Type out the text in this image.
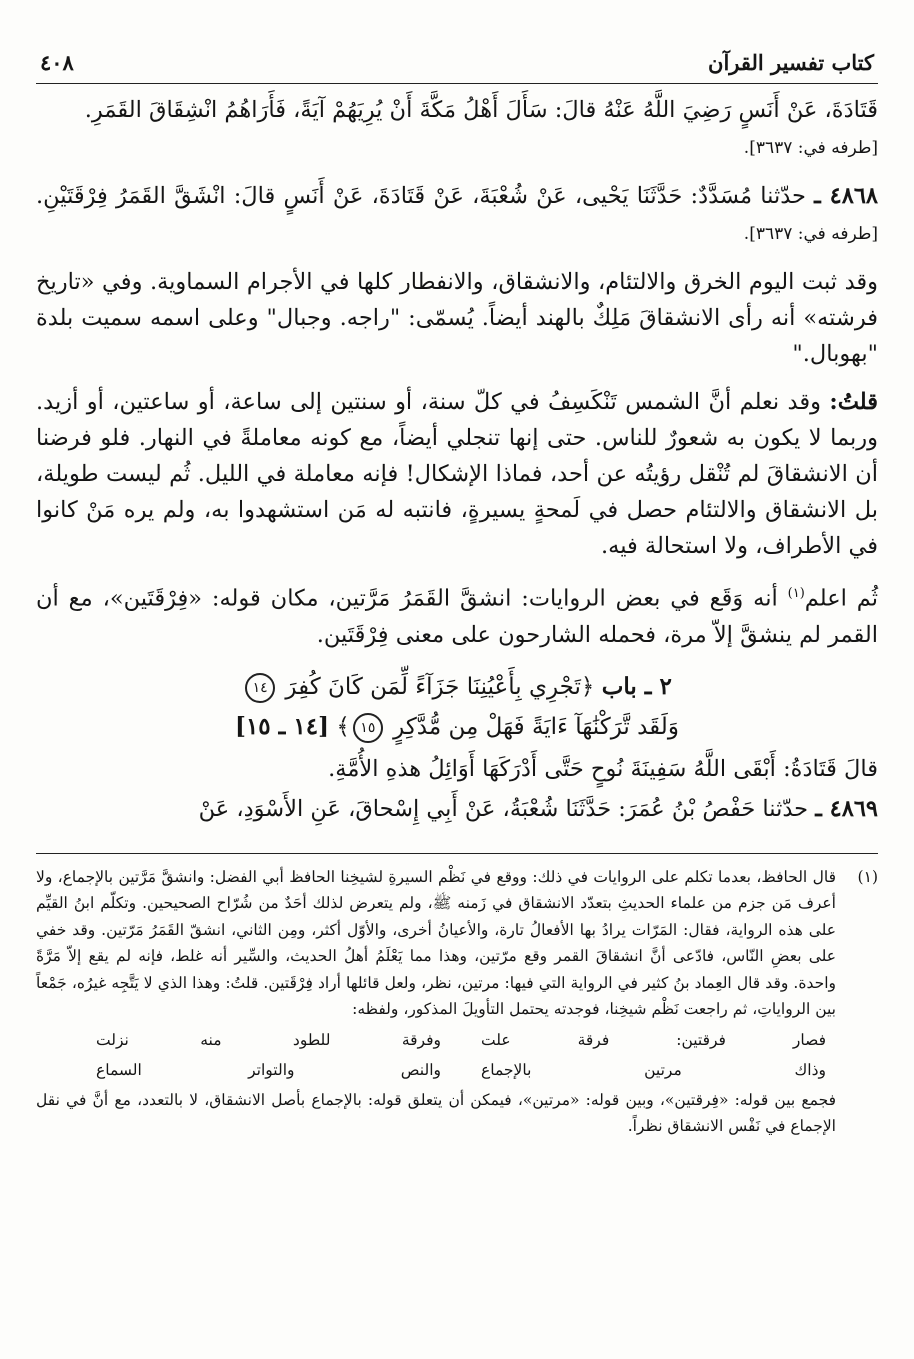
كتاب تفسير القرآن
٤٠٨

قَتَادَةَ، عَنْ أَنَسٍ رَضِيَ اللَّهُ عَنْهُ قالَ: سَأَلَ أَهْلُ مَكَّةَ أَنْ يُرِيَهُمْ آيَةً، فَأَرَاهُمُ انْشِقَاقَ القَمَرِ.
[طرفه في: ٣٦٣٧].

٤٨٦٨ ـ حدّثنا مُسَدَّدٌ: حَدَّثَنَا يَحْيى، عَنْ شُعْبَةَ، عَنْ قَتَادَةَ، عَنْ أَنَسٍ قالَ: انْشَقَّ القَمَرُ فِرْقَتَيْنِ. [طرفه في: ٣٦٣٧].

وقد ثبت اليوم الخرق والالتئام، والانشقاق، والانفطار كلها في الأجرام السماوية. وفي «تاريخ فرشته» أنه رأى الانشقاقَ مَلِكٌ بالهند أيضاً. يُسمّى: "راجه. وجبال" وعلى اسمه سميت بلدة "بهوبال."

قلتُ: وقد نعلم أنَّ الشمس تَنْكَسِفُ في كلّ سنة، أو سنتين إلى ساعة، أو ساعتين، أو أزيد. وربما لا يكون به شعورٌ للناس. حتى إنها تنجلي أيضاً، مع كونه معاملةً في النهار. فلو فرضنا أن الانشقاقَ لم تُنْقل رؤيتُه عن أحد، فماذا الإشكال! فإنه معاملة في الليل. ثُم ليست طويلة، بل الانشقاق والالتئام حصل في لَمحةٍ يسيرةٍ، فانتبه له مَن استشهدوا به، ولم يره مَنْ كانوا في الأطراف، ولا استحالة فيه.

ثُم اعلم$^{(١)}$ أنه وَقَع في بعض الروايات: انشقَّ القَمَرُ مَرَّتين، مكان قوله: «فِرْقَتَين»، مع أن القمر لم ينشقَّ إلاّ مرة، فحمله الشارحون على معنى فِرْقَتَين.

٢ ـ باب ﴿تَجْرِي بِأَعْيُنِنَا جَزَآءً لِّمَن كَانَ كُفِرَ ١٤
وَلَقَد تَّرَكْنَٰهَآ ءَايَةً فَهَلْ مِن مُّدَّكِرٍ ١٥﴾ [١٤ ـ ١٥]

قالَ قَتَادَةُ: أَبْقَى اللَّهُ سَفِينَةَ نُوحٍ حَتَّى أَدْرَكَهَا أَوَائِلُ هذهِ الأُمَّةِ.

٤٨٦٩ ـ حدّثنا حَفْصُ بْنُ عُمَرَ: حَدَّثَنَا شُعْبَةُ، عَنْ أَبِي إِسْحاقَ، عَنِ الأَسْوَدِ، عَنْ

(١)
قال الحافظ، بعدما تكلم على الروايات في ذلك: ووقع في نَظْم السيرةِ لشيخِنا الحافظ أبي الفضل: وانشقَّ مَرَّتين بالإجماع، ولا أعرف مَن جزم من علماء الحديثِ بتعدّد الانشقاق في زَمنه ﷺ، ولم يتعرض لذلك أحَدٌ من شُرّاح الصحيحين. وتكلّم ابنُ القيِّم على هذه الرواية، فقال: المَرّات يرادُ بها الأفعالُ تارة، والأعيانُ أخرى، والأوّل أكثر، ومِن الثاني، انشقّ القَمَرُ مَرّتين. وقد خفي على بعضِ النّاس، فادّعى أنَّ انشقاقَ القمر وقع مرّتين، وهذا مما يَعْلَمُ أهلُ الحديث، والسِّير أنه غلط، فإنه لم يقع إلاّ مَرَّةً واحدة. وقد قال العِماد بنُ كثير في الرواية التي فيها: مرتين، نظر، ولعل قائلها أراد فِرْقَتين. قلتُ: وهذا الذي لا يَتَّجِه غيرُه، جَمْعاً بين الرواياتِ، ثم راجعت نَظْم شيخِنا، فوجدته يحتمل التأويلَ المذكور، ولفظه:
فصار فرقتين: فرقة علت
وفرقة للطود منه نزلت
وذاك مرتين بالإجماع
والنص والتواتر السماع
فجمع بين قوله: «فِرقتين»، وبين قوله: «مرتين»، فيمكن أن يتعلق قوله: بالإجماع بأصل الانشقاق، لا بالتعدد، مع أنَّ في نقل الإجماع في نَفْس الانشقاق نظراً.
